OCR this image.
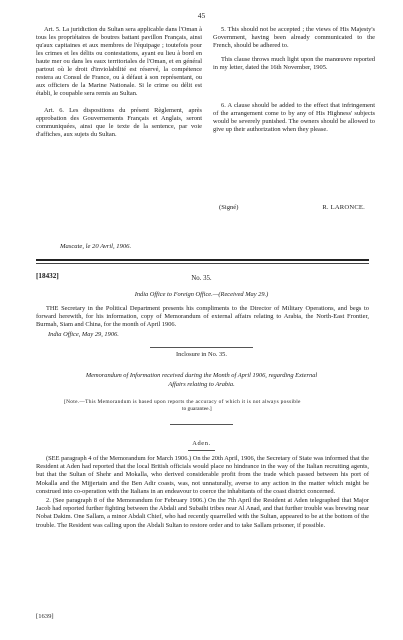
45

Art. 5. La juridiction du Sultan sera applicable dans l'Oman à tous les propriétaires de boutres battant pavillon Français, ainsi qu'aux capitaines et aux membres de l'équipage ; toutefois pour les crimes et les délits ou contestations, ayant eu lieu à bord en haute mer ou dans les eaux territoriales de l'Oman, et en général partout où le droit d'inviolabilité est réservé, la compétence restera au Consul de France, ou à défaut à son représentant, ou aux officiers de la Marine Nationale. Si le crime ou délit est établi, le coupable sera remis au Sultan.

Art. 6. Les dispositions du présent Règlement, après approbation des Gouvernements Français et Anglais, seront communiquées, ainsi que le texte de la sentence, par voie d'affiches, aux sujets du Sultan.

5. This should not be accepted ; the views of His Majesty's Government, having been already communicated to the French, should be adhered to.

This clause throws much light upon the manœuvre reported in my letter, dated the 16th November, 1905.

6. A clause should be added to the effect that infringement of the arrangement come to by any of His Highness' subjects would be severely punished. The owners should be allowed to give up their authorization when they please.

(Signé)	R. LARONCE.
Mascate, le 20 Avril, 1906.
[18432]	No. 35.
India Office to Foreign Office.—(Received May 29.)

THE Secretary in the Political Department presents his compliments to the Director of Military Operations, and begs to forward herewith, for his information, copy of Memorandum of external affairs relating to Arabia, the North-East Frontier, Burmah, Siam and China, for the month of April 1906.

India Office, May 29, 1906.
Inclosure in No. 35.
Memorandum of Information received during the Month of April 1906, regarding External
Affairs relating to Arabia.
[Note.—This Memorandum is based upon reports the accuracy of which it is not always possible
to guarantee.]
Aden.

(SEE paragraph 4 of the Memorandum for March 1906.) On the 20th April, 1906, the Secretary of State was informed that the Resident at Aden had reported that the local British officials would place no hindrance in the way of the Italian recruiting agents, but that the Sultan of Shehr and Mokalla, who derived considerable profit from the trade which passed between his port of Mokalla and the Mijjertain and the Ben Adir coasts, was, not unnaturally, averse to any action in the matter which might be construed into co-operation with the Italians in an endeavour to coerce the inhabitants of the coast district concerned.

2. (See paragraph 8 of the Memorandum for February 1906.) On the 7th April the Resident at Aden telegraphed that Major Jacob had reported further fighting between the Abdali and Subaihi tribes near Al Anad, and that further trouble was brewing near Nobat Dakim. One Sallam, a minor Abdali Chief, who had recently quarrelled with the Sultan, appeared to be at the bottom of the trouble. The Resident was calling upon the Abdali Sultan to restore order and to take Sallam prisoner, if possible.

[1639]
